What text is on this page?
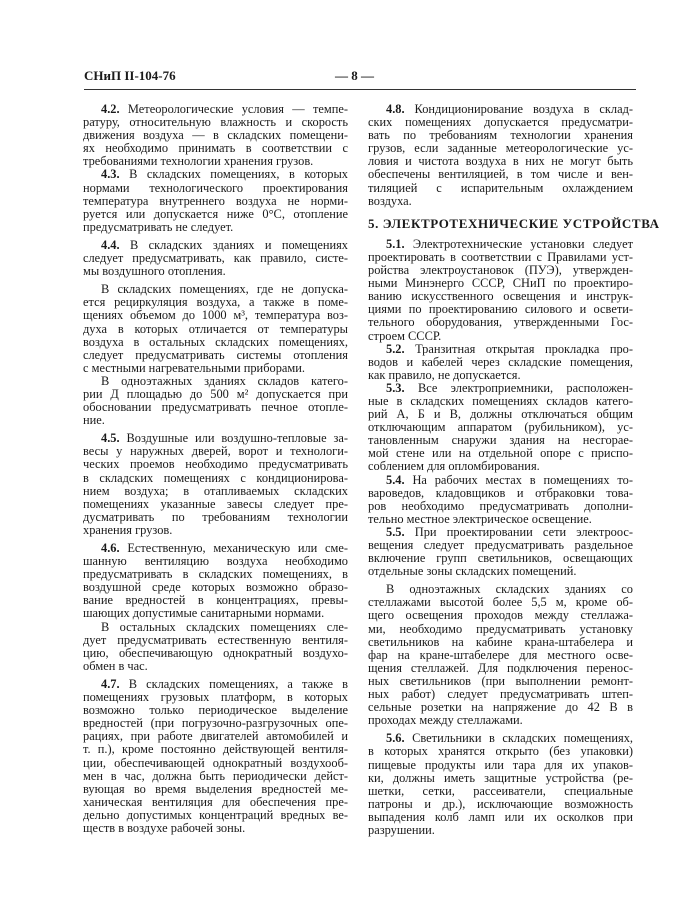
СНиП II-104-76	— 8 —
4.2. Метеорологические условия — темпе-
ратуру, относительную влажность и скорость
движения воздуха — в складских помещени-
ях необходимо принимать в соответствии с
требованиями технологии хранения грузов.
4.3. В складских помещениях, в которых
нормами технологического проектирования
температура внутреннего воздуха не норми-
руется или допускается ниже 0°С, отопление
предусматривать не следует.
4.4. В складских зданиях и помещениях
следует предусматривать, как правило, систе-
мы воздушного отопления.
В складских помещениях, где не допуска-
ется рециркуляция воздуха, а также в поме-
щениях объемом до 1000 м³, температура воз-
духа в которых отличается от температуры
воздуха в остальных складских помещениях,
следует предусматривать системы отопления
с местными нагревательными приборами.
В одноэтажных зданиях складов катего-
рии Д площадью до 500 м² допускается при
обосновании предусматривать печное отопле-
ние.
4.5. Воздушные или воздушно-тепловые за-
весы у наружных дверей, ворот и технологи-
ческих проемов необходимо предусматривать
в складских помещениях с кондиционирова-
нием воздуха; в отапливаемых складских
помещениях указанные завесы следует пре-
дусматривать по требованиям технологии
хранения грузов.
4.6. Естественную, механическую или сме-
шанную вентиляцию воздуха необходимо
предусматривать в складских помещениях, в
воздушной среде которых возможно образо-
вание вредностей в концентрациях, превы-
шающих допустимые санитарными нормами.
В остальных складских помещениях сле-
дует предусматривать естественную вентиля-
цию, обеспечивающую однократный воздухо-
обмен в час.
4.7. В складских помещениях, а также в
помещениях грузовых платформ, в которых
возможно только периодическое выделение
вредностей (при погрузочно-разгрузочных опе-
рациях, при работе двигателей автомобилей и
т. п.), кроме постоянно действующей вентиля-
ции, обеспечивающей однократный воздухооб-
мен в час, должна быть периодически дейст-
вующая во время выделения вредностей ме-
ханическая вентиляция для обеспечения пре-
дельно допустимых концентраций вредных ве-
ществ в воздухе рабочей зоны.
4.8. Кондиционирование воздуха в склад-
ских помещениях допускается предусматри-
вать по требованиям технологии хранения
грузов, если заданные метеорологические ус-
ловия и чистота воздуха в них не могут быть
обеспечены вентиляцией, в том числе и вен-
тиляцией с испарительным охлаждением
воздуха.
5. ЭЛЕКТРОТЕХНИЧЕСКИЕ УСТРОЙСТВА
5.1. Электротехнические установки следует
проектировать в соответствии с Правилами уст-
ройства электроустановок (ПУЭ), утвержден-
ными Минэнерго СССР, СНиП по проектиро-
ванию искусственного освещения и инструк-
циями по проектированию силового и освети-
тельного оборудования, утвержденными Гос-
строем СССР.
5.2. Транзитная открытая прокладка про-
водов и кабелей через складские помещения,
как правило, не допускается.
5.3. Все электроприемники, расположен-
ные в складских помещениях складов катего-
рий А, Б и В, должны отключаться общим
отключающим аппаратом (рубильником), ус-
тановленным снаружи здания на несгорае-
мой стене или на отдельной опоре с приспо-
соблением для опломбирования.
5.4. На рабочих местах в помещениях то-
вароведов, кладовщиков и отбраковки това-
ров необходимо предусматривать дополни-
тельно местное электрическое освещение.
5.5. При проектировании сети электроос-
вещения следует предусматривать раздельное
включение групп светильников, освещающих
отдельные зоны складских помещений.
В одноэтажных складских зданиях со
стеллажами высотой более 5,5 м, кроме об-
щего освещения проходов между стеллажа-
ми, необходимо предусматривать установку
светильников на кабине крана-штабелера и
фар на кране-штабелере для местного осве-
щения стеллажей. Для подключения перенос-
ных светильников (при выполнении ремонт-
ных работ) следует предусматривать штеп-
сельные розетки на напряжение до 42 В в
проходах между стеллажами.
5.6. Светильники в складских помещениях,
в которых хранятся открыто (без упаковки)
пищевые продукты или тара для их упаков-
ки, должны иметь защитные устройства (ре-
шетки, сетки, рассеиватели, специальные
патроны и др.), исключающие возможность
выпадения колб ламп или их осколков при
разрушении.
